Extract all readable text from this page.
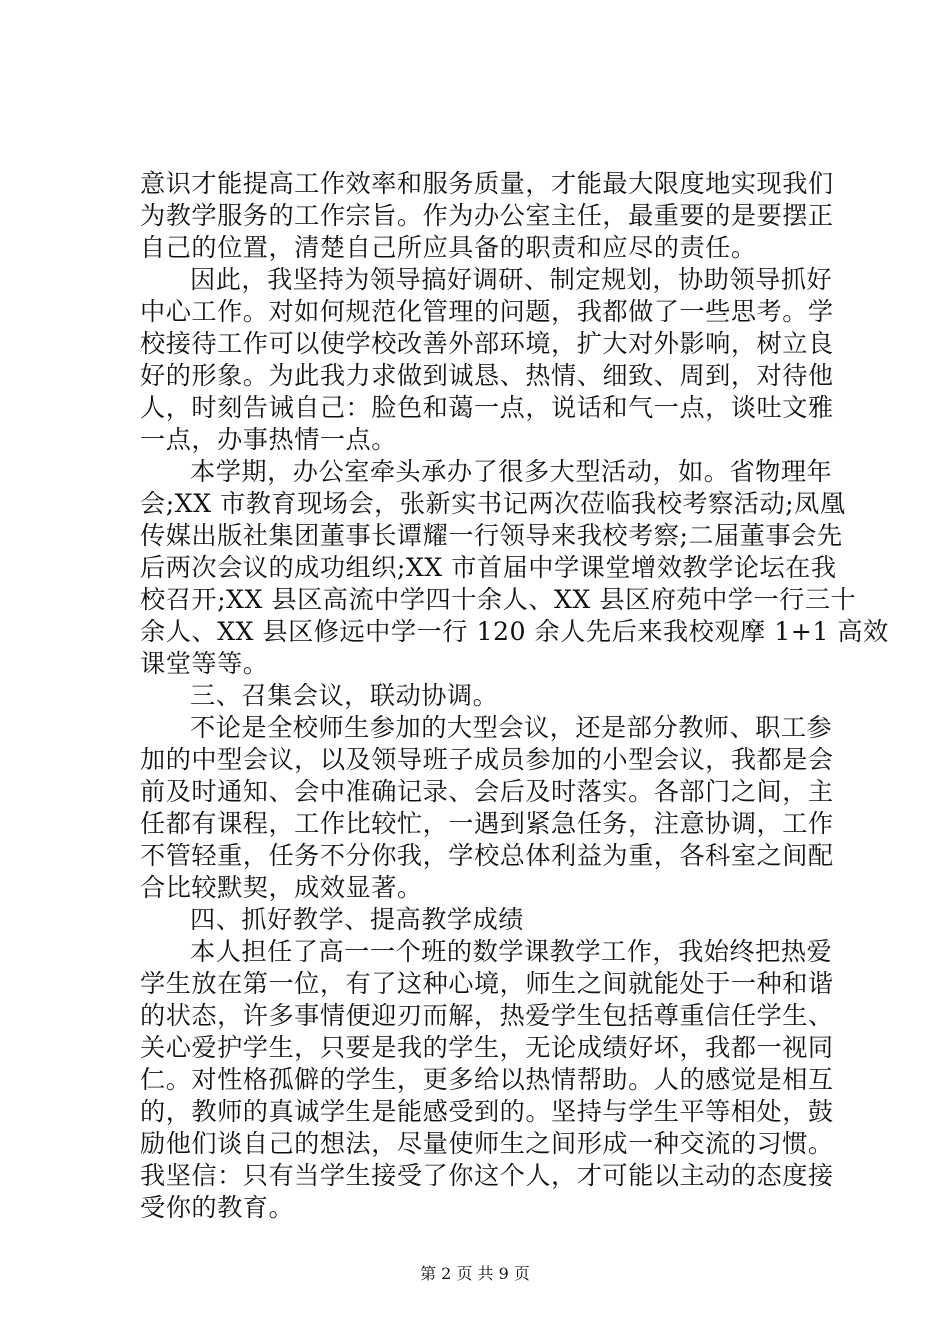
意识才能提高工作效率和服务质量，才能最大限度地实现我们
为教学服务的工作宗旨。作为办公室主任，最重要的是要摆正
自己的位置，清楚自己所应具备的职责和应尽的责任。
因此，我坚持为领导搞好调研、制定规划，协助领导抓好
中心工作。对如何规范化管理的问题，我都做了一些思考。学
校接待工作可以使学校改善外部环境，扩大对外影响，树立良
好的形象。为此我力求做到诚恳、热情、细致、周到，对待他
人，时刻告诫自己：脸色和蔼一点，说话和气一点，谈吐文雅
一点，办事热情一点。
本学期，办公室牵头承办了很多大型活动，如。省物理年
会;XX 市教育现场会，张新实书记两次莅临我校考察活动;凤凰
传媒出版社集团董事长谭耀一行领导来我校考察;二届董事会先
后两次会议的成功组织;XX 市首届中学课堂增效教学论坛在我
校召开;XX 县区高流中学四十余人、XX 县区府苑中学一行三十
余人、XX 县区修远中学一行 120 余人先后来我校观摩 1+1 高效
课堂等等。
三、召集会议，联动协调。
不论是全校师生参加的大型会议，还是部分教师、职工参
加的中型会议，以及领导班子成员参加的小型会议，我都是会
前及时通知、会中准确记录、会后及时落实。各部门之间，主
任都有课程，工作比较忙，一遇到紧急任务，注意协调，工作
不管轻重，任务不分你我，学校总体利益为重，各科室之间配
合比较默契，成效显著。
四、抓好教学、提高教学成绩
本人担任了高一一个班的数学课教学工作，我始终把热爱
学生放在第一位，有了这种心境，师生之间就能处于一种和谐
的状态，许多事情便迎刃而解，热爱学生包括尊重信任学生、
关心爱护学生，只要是我的学生，无论成绩好坏，我都一视同
仁。对性格孤僻的学生，更多给以热情帮助。人的感觉是相互
的，教师的真诚学生是能感受到的。坚持与学生平等相处，鼓
励他们谈自己的想法，尽量使师生之间形成一种交流的习惯。
我坚信：只有当学生接受了你这个人，才可能以主动的态度接
受你的教育。
第 2 页 共 9 页
